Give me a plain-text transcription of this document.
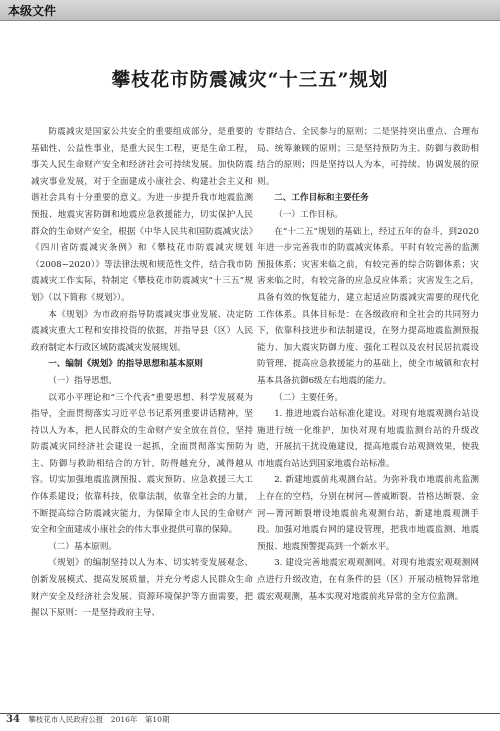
本级文件
攀枝花市防震减灾“十三五”规划

防震减灾是国家公共安全的重要组成部分，是重要的基础性、公益性事业，是重大民生工程，更是生命工程，事关人民生命财产安全和经济社会可持续发展。加快防震减灾事业发展，对于全面建成小康社会、构建社会主义和谐社会具有十分重要的意义。为进一步提升我市地震监测预报、地震灾害防御和地震应急救援能力，切实保护人民群众的生命财产安全，根据《中华人民共和国防震减灾法》《四川省防震减灾条例》和《攀枝花市防震减灾规划（2008~2020）》等法律法规和规范性文件，结合我市防震减灾工作实际，特制定《攀枝花市防震减灾“十三五”规划》（以下简称《规划》）。

本《规划》为市政府指导防震减灾事业发展、决定防震减灾重大工程和安排投资的依据，并指导县（区）人民政府制定本行政区域防震减灾发展规划。

一、编制《规划》的指导思想和基本原则
（一）指导思想。

以邓小平理论和“三个代表”重要思想、科学发展观为指导，全面贯彻落实习近平总书记系列重要讲话精神，坚持以人为本，把人民群众的生命财产安全放在首位，坚持防震减灾同经济社会建设一起抓，全面贯彻落实预防为主、防御与救助相结合的方针，防得越充分，减得越从容。切实加强地震监测预报、震灾预防、应急救援三大工作体系建设；依靠科技，依靠法制，依靠全社会的力量，不断提高综合防震减灾能力，为保障全市人民的生命财产安全和全面建成小康社会的伟大事业提供可靠的保障。

（二）基本原则。

《规划》的编制坚持以人为本、切实转变发展观念、创新发展模式、提高发展质量，并充分考虑人民群众生命财产安全及经济社会发展、资源环境保护等方面需要，把握以下原则：一是坚持政府主导、

专群结合、全民参与的原则；二是坚持突出重点、合理布局、统筹兼顾的原则；三是坚持预防为主、防御与救助相结合的原则；四是坚持以人为本，可持续、协调发展的原则。

二、工作目标和主要任务
（一）工作目标。

在“十二五”规划的基础上，经过五年的奋斗，到2020年进一步完善我市的防震减灾体系。平时有较完善的监测预报体系；灾害来临之前，有较完善的综合防御体系；灾害来临之时，有较完备的应急反应体系；灾害发生之后，具备有效的恢复能力，建立起适应防震减灾需要的现代化工作体系。具体目标是：在各级政府和全社会的共同努力下，依靠科技进步和法制建设，在努力提高地震监测预报能力、加大震灾防御力度、强化工程以及农村民居抗震设防管理、提高应急救援能力的基础上，使全市城镇和农村基本具备抗御6级左右地震的能力。

（二）主要任务。

1. 推进地震台站标准化建设。对现有地震观测台站设施进行统一化维护，加快对现有地震监测台站的升级改造，开展抗干扰设施建设，提高地震台站观测效果，使我市地震台站达到国家地震台站标准。

2. 新建地震前兆观测台站。为弥补我市地震前兆监测上存在的空档，分别在树河—普威断裂、昔格达断裂、金河—箐河断裂增设地震前兆观测台站，新建地震观测手段。加强对地震台网的建设管理，把我市地震监测、地震预报、地震预警提高到一个新水平。

3. 建设完善地震宏观观测网。对现有地震宏观观测网点进行升级改造，在有条件的县（区）开展动植物异常地震宏观观测，基本实现对地震前兆异常的全方位监测。

34 攀枝花市人民政府公报　2016年　第10期
